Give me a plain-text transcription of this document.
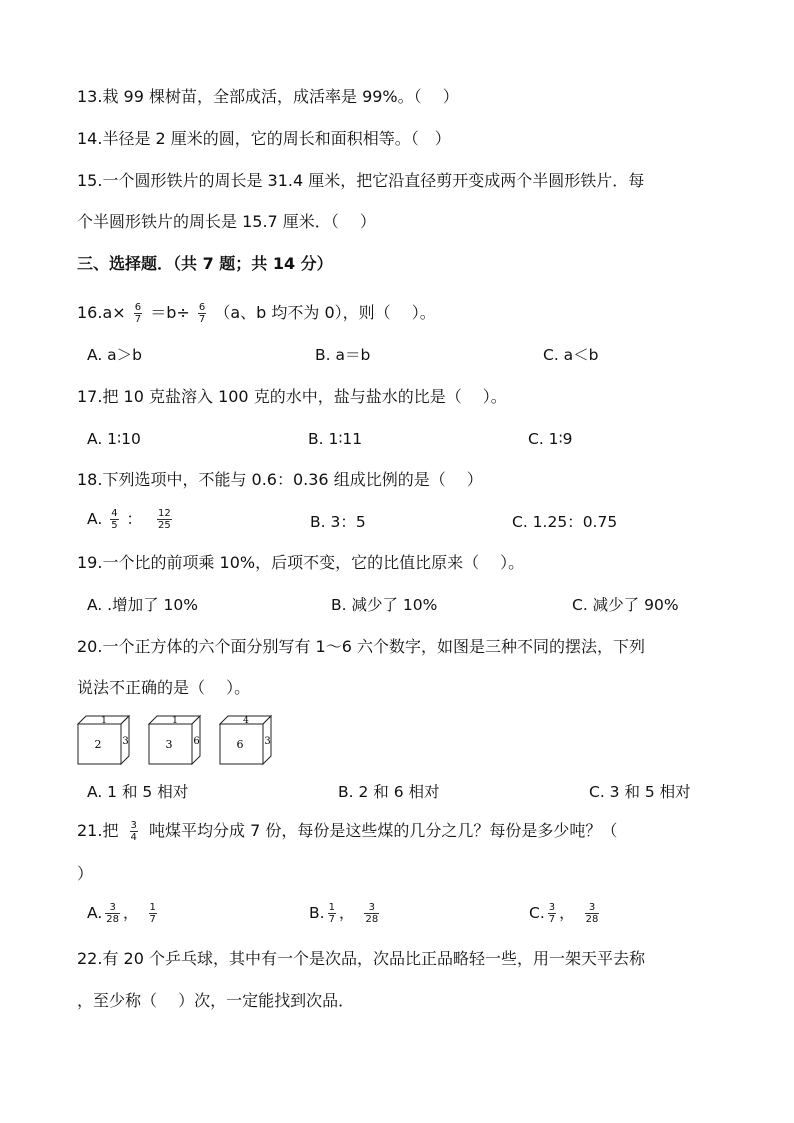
13.栽 99 棵树苗，全部成活，成活率是 99%。（　 ）
14.半径是 2 厘米的圆，它的周长和面积相等。（　）
15.一个圆形铁片的周长是 31.4 厘米，把它沿直径剪开变成两个半圆形铁片．每
个半圆形铁片的周长是 15.7 厘米．（　 ）
三、选择题．（共 7 题；共 14 分）
$16.a\times \frac{6}{7} =b\div \frac{6}{7} (a$、b 均不为 0），则（　 ）。
A. a＞b	B. a＝b	C. a＜b
17.把 10 克盐溶入 100 克的水中，盐与盐水的比是（　 ）。
A. 1∶10	B. 1∶11	C. 1∶9
18.下列选项中，不能与 0.6：0.36 组成比例的是（　 ）
A. $\frac{4}{5}$ ： $\frac{12}{25}$	B. 3：5	C. 1.25：0.75
19.一个比的前项乘 10%，后项不变，它的比值比原来（　 ）。
A. .增加了 10%	B. 减少了 10%	C. 减少了 90%
20.一个正方体的六个面分别写有 1～6 六个数字，如图是三种不同的摆法，下列
说法不正确的是（　 ）。
1
2 3
1
3 6
4
6 3
A. 1 和 5 相对	B. 2 和 6 相对	C. 3 和 5 相对
21.把 $\frac{3}{4}$ 吨煤平均分成 7 份，每份是这些煤的几分之几？每份是多少吨？（
）
A. $\frac{3}{28}$ ， $\frac{1}{7}$	B. $\frac{1}{7}$ ， $\frac{3}{28}$	C. $\frac{3}{7}$ ， $\frac{3}{28}$
22.有 20 个乒乓球，其中有一个是次品，次品比正品略轻一些，用一架天平去称
，至少称（　 ）次，一定能找到次品．
